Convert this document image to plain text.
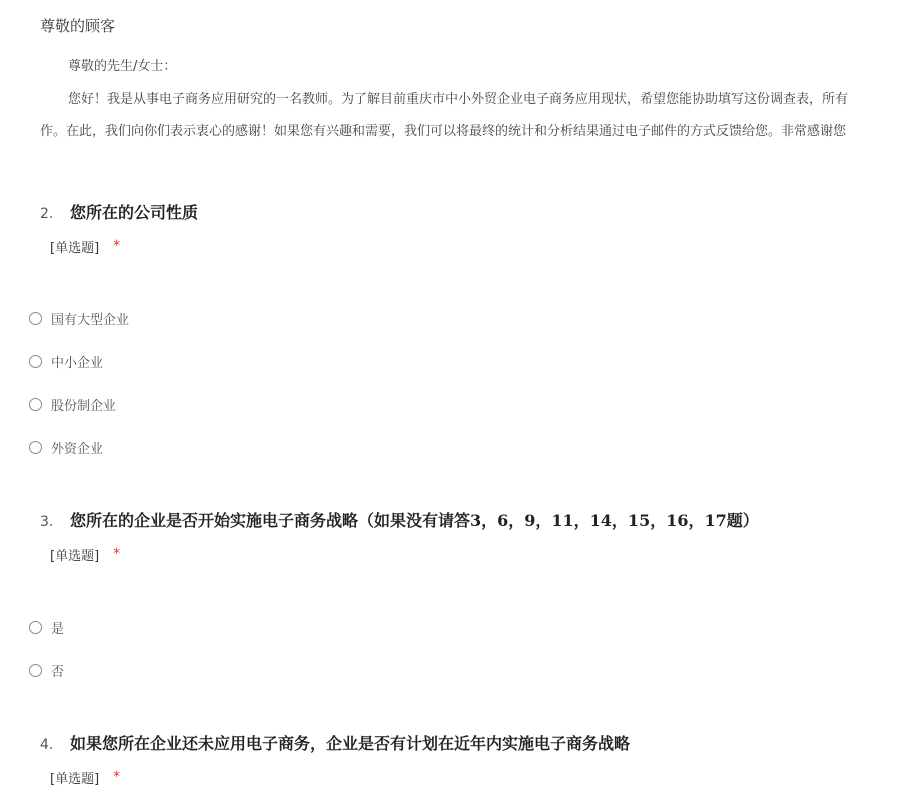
尊敬的顾客

尊敬的先生/女士：
您好！我是从事电子商务应用研究的一名教师。为了解目前重庆市中小外贸企业电子商务应用现状，希望您能协助填写这份调查表，所有
作。在此，我们向你们表示衷心的感谢！如果您有兴趣和需要，我们可以将最终的统计和分析结果通过电子邮件的方式反馈给您。非常感谢您
2.	您所在的公司性质
[单选题] *
国有大型企业
中小企业
股份制企业
外资企业
3.	您所在的企业是否开始实施电子商务战略（如果没有请答3，6，9，11，14，15，16，17题）
[单选题] *
是
否
4.	如果您所在企业还未应用电子商务，企业是否有计划在近年内实施电子商务战略
[单选题] *
